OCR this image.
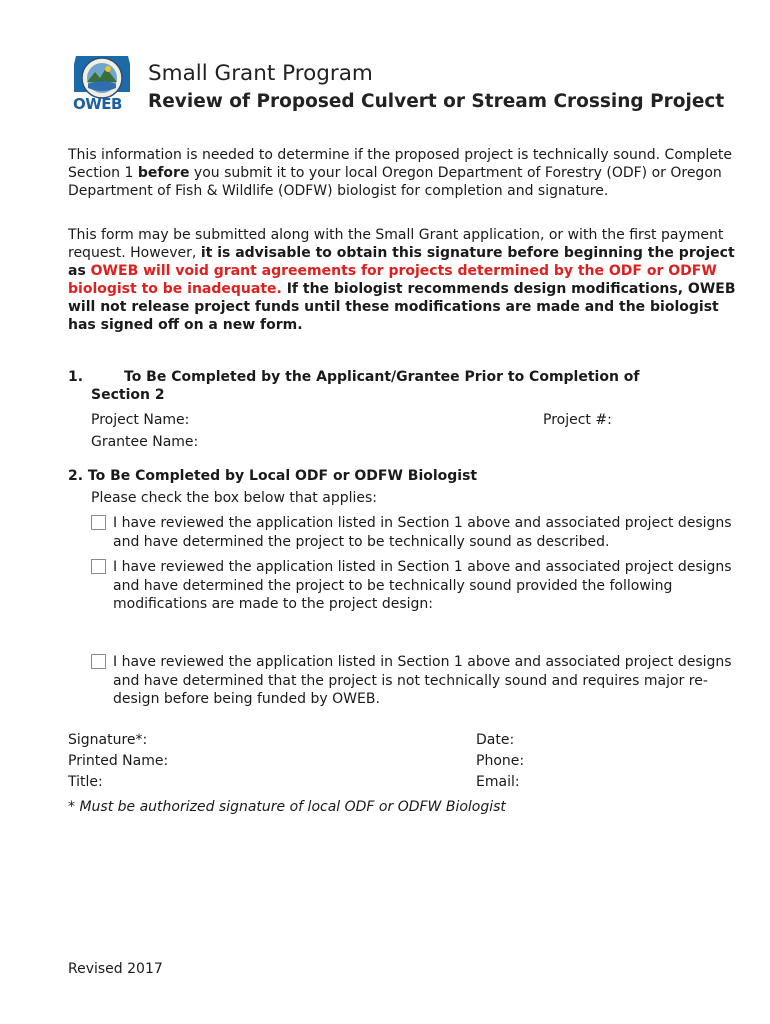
OWEB
Small Grant Program
Review of Proposed Culvert or Stream Crossing Project
This information is needed to determine if the proposed project is technically sound. Complete Section 1 before you submit it to your local Oregon Department of Forestry (ODF) or Oregon Department of Fish & Wildlife (ODFW) biologist for completion and signature.
This form may be submitted along with the Small Grant application, or with the first payment request. However, it is advisable to obtain this signature before beginning the project as OWEB will void grant agreements for projects determined by the ODF or ODFW biologist to be inadequate. If the biologist recommends design modifications, OWEB will not release project funds until these modifications are made and the biologist has signed off on a new form.
1.	To Be Completed by the Applicant/Grantee Prior to Completion of
Section 2
Project Name:	Project #:
Grantee Name:
2. To Be Completed by Local ODF or ODFW Biologist
Please check the box below that applies:
I have reviewed the application listed in Section 1 above and associated project designs and have determined the project to be technically sound as described.
I have reviewed the application listed in Section 1 above and associated project designs and have determined the project to be technically sound provided the following modifications are made to the project design:
I have reviewed the application listed in Section 1 above and associated project designs and have determined that the project is not technically sound and requires major re-design before being funded by OWEB.
Signature*:
Printed Name:
Title:
Date:
Phone:
Email:
* Must be authorized signature of local ODF or ODFW Biologist
Revised 2017
